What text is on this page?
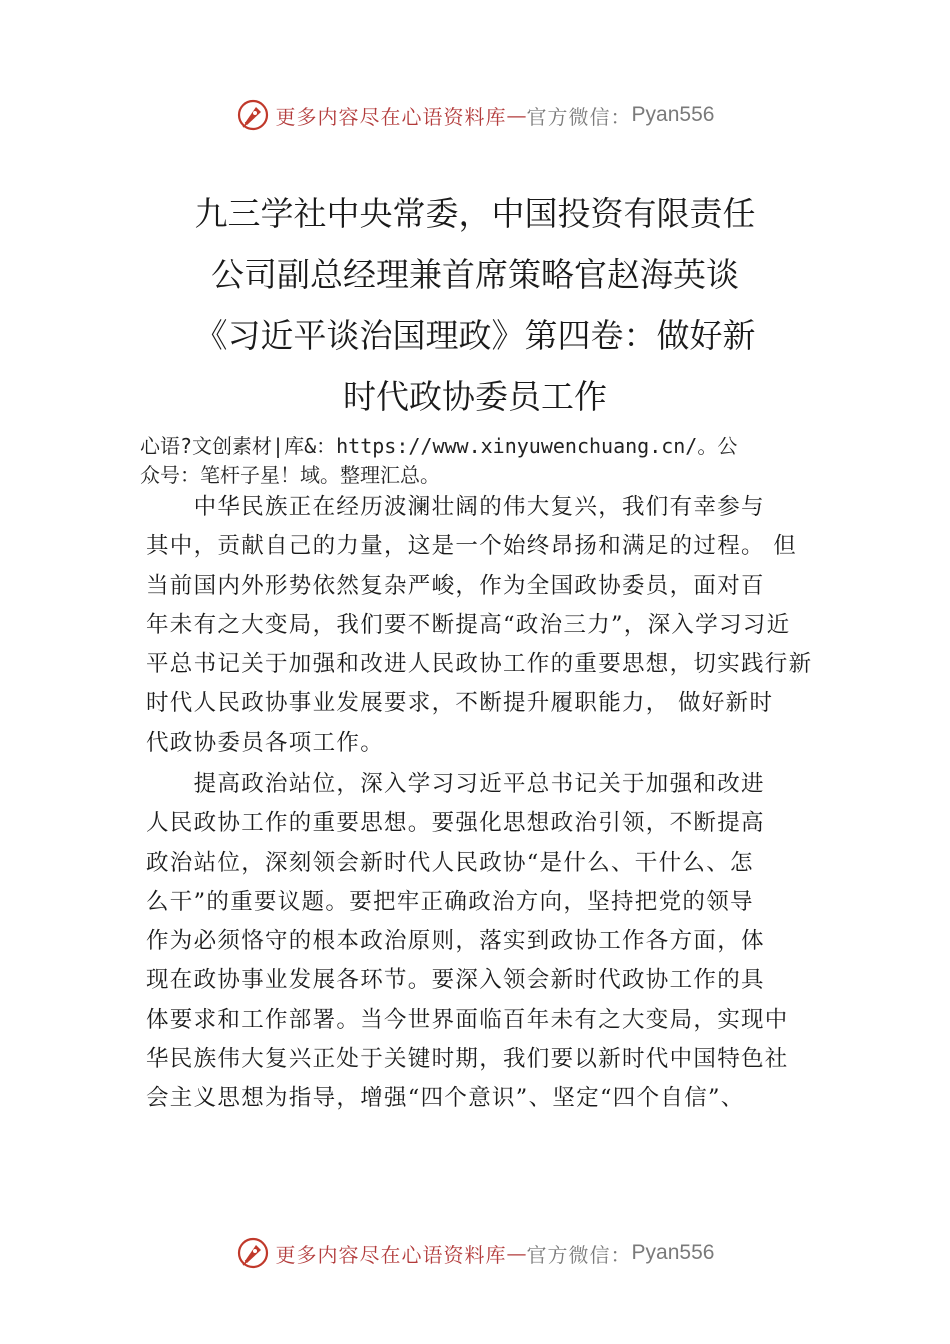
更多内容尽在心语资料库 — 官方微信： Pyan556
九三学社中央常委，中国投资有限责任
公司副总经理兼首席策略官赵海英谈
《习近平谈治国理政》第四卷：做好新
时代政协委员工作
心语?文创素材|库&：https://www.xinyuwenchuang.cn/。公
众号：笔杆子星！域。整理汇总。
　　中华民族正在经历波澜壮阔的伟大复兴，我们有幸参与
其中，贡献自己的力量，这是一个始终昂扬和满足的过程。 但
当前国内外形势依然复杂严峻，作为全国政协委员，面对百
年未有之大变局，我们要不断提高“政治三力”，深入学习习近
平总书记关于加强和改进人民政协工作的重要思想，切实践行新
时代人民政协事业发展要求，不断提升履职能力， 做好新时
代政协委员各项工作。
　　提高政治站位，深入学习习近平总书记关于加强和改进
人民政协工作的重要思想。要强化思想政治引领，不断提高
政治站位，深刻领会新时代人民政协“是什么、干什么、怎
么干”的重要议题。要把牢正确政治方向，坚持把党的领导
作为必须恪守的根本政治原则，落实到政协工作各方面，体
现在政协事业发展各环节。要深入领会新时代政协工作的具
体要求和工作部署。当今世界面临百年未有之大变局，实现中
华民族伟大复兴正处于关键时期，我们要以新时代中国特色社
会主义思想为指导，增强“四个意识”、坚定“四个自信”、
更多内容尽在心语资料库 — 官方微信： Pyan556
